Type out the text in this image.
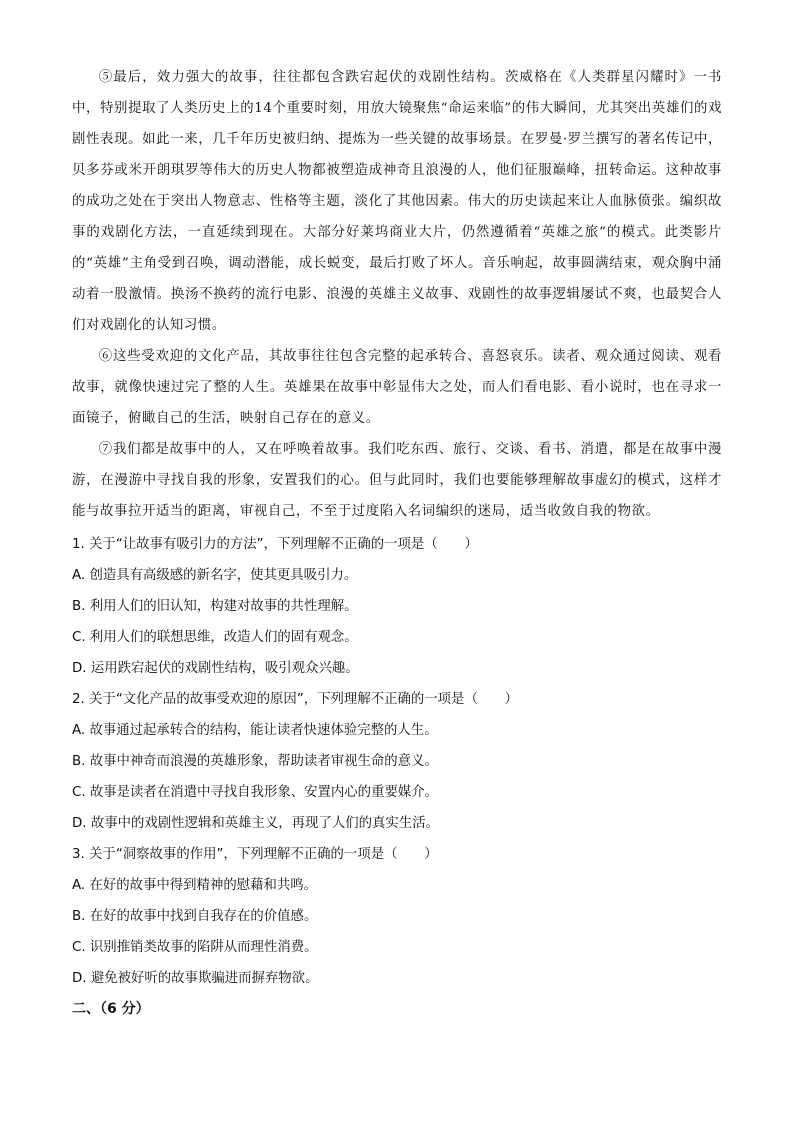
⑤最后，效力强大的故事，往往都包含跌宕起伏的戏剧性结构。茨威格在《人类群星闪耀时》一书中，特别提取了人类历史上的14个重要时刻，用放大镜聚焦“命运来临”的伟大瞬间，尤其突出英雄们的戏剧性表现。如此一来，几千年历史被归纳、提炼为一些关键的故事场景。在罗曼·罗兰撰写的著名传记中，贝多芬或米开朗琪罗等伟大的历史人物都被塑造成神奇且浪漫的人，他们征服巅峰，扭转命运。这种故事的成功之处在于突出人物意志、性格等主题，淡化了其他因素。伟大的历史读起来让人血脉偾张。编织故事的戏剧化方法，一直延续到现在。大部分好莱坞商业大片，仍然遵循着“英雄之旅”的模式。此类影片的“英雄”主角受到召唤，调动潜能，成长蜕变，最后打败了坏人。音乐响起，故事圆满结束，观众胸中涌动着一股激情。换汤不换药的流行电影、浪漫的英雄主义故事、戏剧性的故事逻辑屡试不爽，也最契合人们对戏剧化的认知习惯。

⑥这些受欢迎的文化产品，其故事往往包含完整的起承转合、喜怒哀乐。读者、观众通过阅读、观看故事，就像快速过完了整的人生。英雄果在故事中彰显伟大之处，而人们看电影、看小说时，也在寻求一面镜子，俯瞰自己的生活，映射自己存在的意义。

⑦我们都是故事中的人，又在呼唤着故事。我们吃东西、旅行、交谈、看书、消遣，都是在故事中漫游，在漫游中寻找自我的形象，安置我们的心。但与此同时，我们也要能够理解故事虚幻的模式，这样才能与故事拉开适当的距离，审视自己，不至于过度陷入名词编织的迷局，适当收敛自我的物欲。

1. 关于“让故事有吸引力的方法”，下列理解不正确的一项是（　　）

A. 创造具有高级感的新名字，使其更具吸引力。

B. 利用人们的旧认知，构建对故事的共性理解。

C. 利用人们的联想思维，改造人们的固有观念。

D. 运用跌宕起伏的戏剧性结构，吸引观众兴趣。

2. 关于“文化产品的故事受欢迎的原因”，下列理解不正确的一项是（　　）

A. 故事通过起承转合的结构，能让读者快速体验完整的人生。

B. 故事中神奇而浪漫的英雄形象，帮助读者审视生命的意义。

C. 故事是读者在消遣中寻找自我形象、安置内心的重要媒介。

D. 故事中的戏剧性逻辑和英雄主义，再现了人们的真实生活。

3. 关于“洞察故事的作用”，下列理解不正确的一项是（　　）

A. 在好的故事中得到精神的慰藉和共鸣。

B. 在好的故事中找到自我存在的价值感。

C. 识别推销类故事的陷阱从而理性消费。

D. 避免被好听的故事欺骗进而摒弃物欲。

二、（6 分）
